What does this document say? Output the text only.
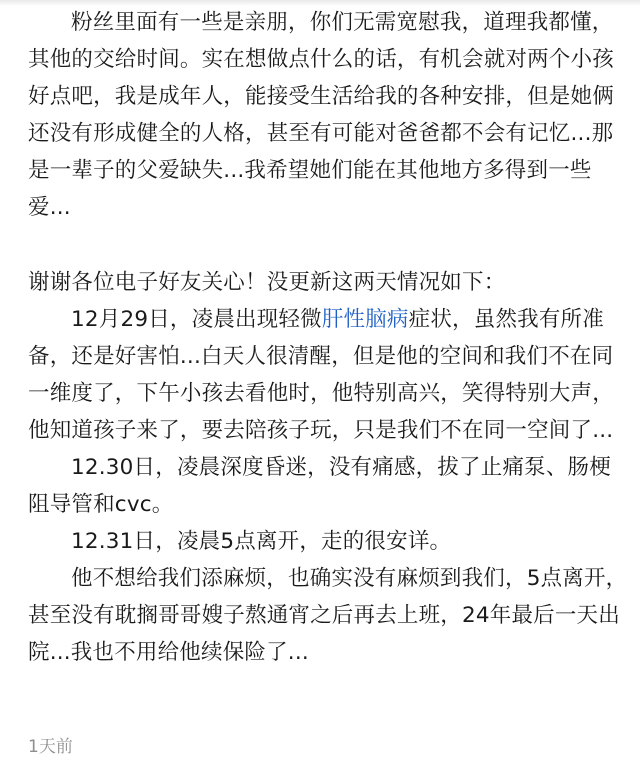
粉丝里面有一些是亲朋，你们无需宽慰我，道理我都懂，其他的交给时间。实在想做点什么的话，有机会就对两个小孩好点吧，我是成年人，能接受生活给我的各种安排，但是她俩还没有形成健全的人格，甚至有可能对爸爸都不会有记忆...那是一辈子的父爱缺失...我希望她们能在其他地方多得到一些爱...

谢谢各位电子好友关心！没更新这两天情况如下：

12月29日，凌晨出现轻微肝性脑病症状，虽然我有所准备，还是好害怕...白天人很清醒，但是他的空间和我们不在同一维度了，下午小孩去看他时，他特别高兴，笑得特别大声，他知道孩子来了，要去陪孩子玩，只是我们不在同一空间了...

12.30日，凌晨深度昏迷，没有痛感，拔了止痛泵、肠梗阻导管和cvc。

12.31日，凌晨5点离开，走的很安详。

他不想给我们添麻烦，也确实没有麻烦到我们，5点离开，甚至没有耽搁哥哥嫂子熬通宵之后再去上班，24年最后一天出院...我也不用给他续保险了...

1天前
